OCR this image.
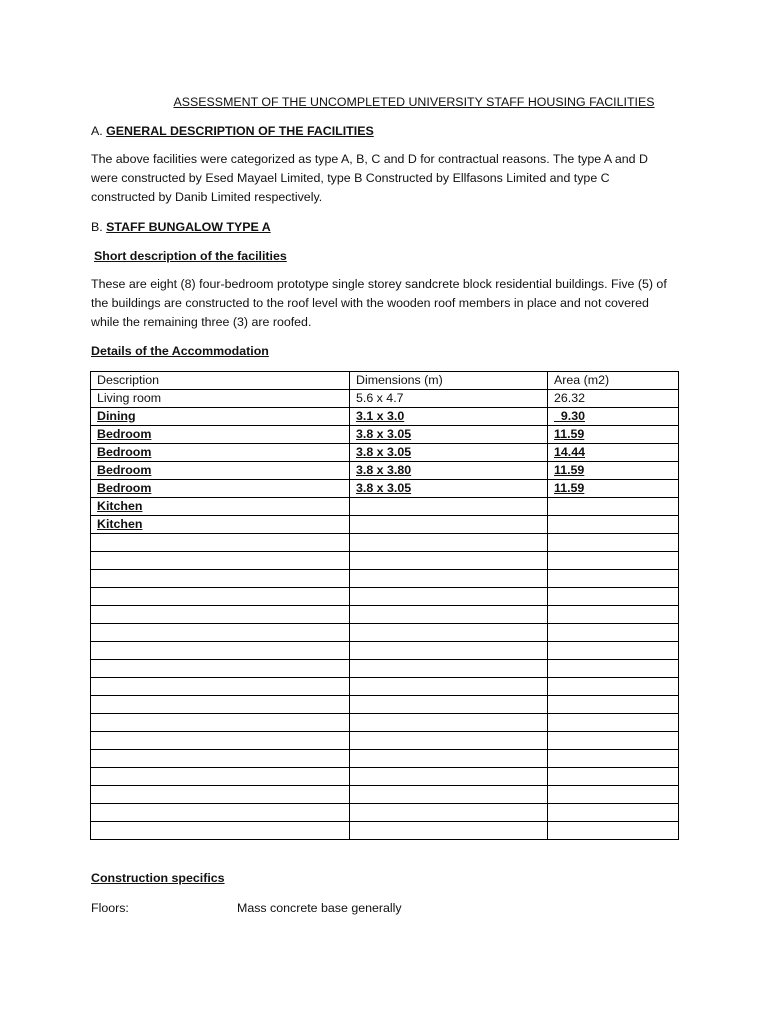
ASSESSMENT OF THE UNCOMPLETED UNIVERSITY STAFF HOUSING FACILITIES
A. GENERAL DESCRIPTION OF THE FACILITIES
The above facilities were categorized as type A, B, C and D for contractual reasons. The type A and D
were constructed by Esed Mayael Limited, type B Constructed by Ellfasons Limited and type C
constructed by Danib Limited respectively.
B. STAFF BUNGALOW TYPE A
Short description of the facilities
These are eight (8) four-bedroom prototype single storey sandcrete block residential buildings. Five (5) of
the buildings are constructed to the roof level with the wooden roof members in place and not covered
while the remaining three (3) are roofed.
Details of the Accommodation
Description	Dimensions (m)	Area (m2)
Living room	5.6 x 4.7	26.32
Dining	3.1 x 3.0	9.30
Bedroom	3.8 x 3.05	11.59
Bedroom	3.8 x 3.05	14.44
Bedroom	3.8 x 3.80	11.59
Bedroom	3.8 x 3.05	11.59
Kitchen		
Kitchen		

Construction specifics
Floors:	Mass concrete base generally
